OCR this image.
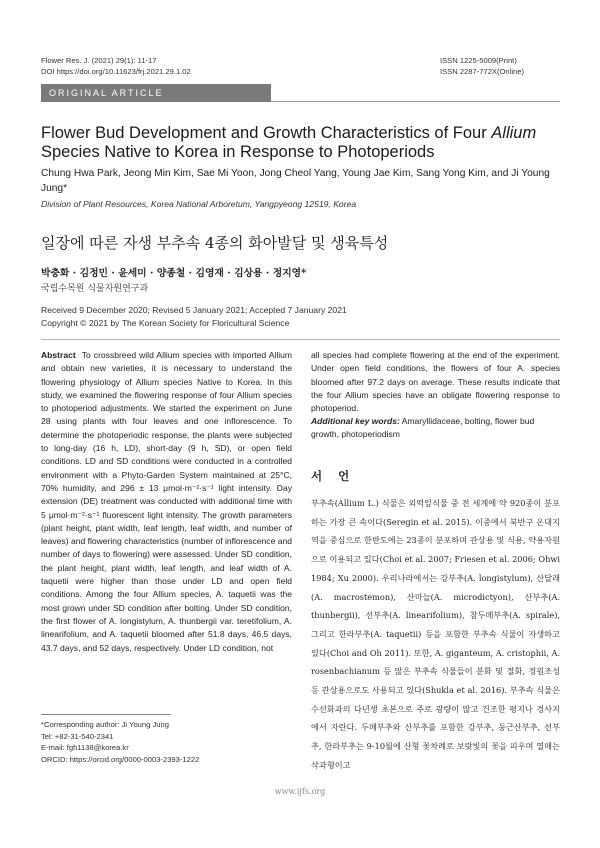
Flower Res. J. (2021) 29(1): 11-17
DOI https://doi.org/10.11623/frj.2021.29.1.02
ISSN 1225-5009(Print)
ISSN 2287-772X(Online)
ORIGINAL ARTICLE
Flower Bud Development and Growth Characteristics of Four Allium Species Native to Korea in Response to Photoperiods
Chung Hwa Park, Jeong Min Kim, Sae Mi Yoon, Jong Cheol Yang, Young Jae Kim, Sang Yong Kim, and Ji Young Jung*
Division of Plant Resources, Korea National Arboretum, Yangpyeong 12519, Korea
일장에 따른 자생 부추속 4종의 화아발달 및 생육특성
박충화 · 김정민 · 윤세미 · 양종철 · 김영재 · 김상용 · 정지영*
국립수목원 식물자원연구과
Received 9 December 2020; Revised 5 January 2021; Accepted 7 January 2021
Copyright © 2021 by The Korean Society for Floricultural Science
Abstract To crossbreed wild Allium species with imported Allium and obtain new varieties, it is necessary to understand the flowering physiology of Allium species Native to Korea. In this study, we examined the flowering response of four Allium species to photoperiod adjustments. We started the experiment on June 28 using plants with four leaves and one inflorescence. To determine the photoperiodic response, the plants were subjected to long-day (16 h, LD), short-day (9 h, SD), or open field conditions. LD and SD conditions were conducted in a controlled environment with a Phyto-Garden System maintained at 25°C, 70% humidity, and 296 ± 13 μmol·m⁻²·s⁻¹ light intensity. Day extension (DE) treatment was conducted with additional time with 5 μmol·m⁻²·s⁻¹ fluorescent light intensity. The growth parameters (plant height, plant width, leaf length, leaf width, and number of leaves) and flowering characteristics (number of inflorescence and number of days to flowering) were assessed. Under SD condition, the plant height, plant width, leaf length, and leaf width of A. taquetii were higher than those under LD and open field conditions. Among the four Allium species, A. taquetii was the most grown under SD condition after bolting. Under SD condition, the first flower of A. longistylum, A. thunbergii var. teretifolium, A. linearifolium, and A. taquetii bloomed after 51.8 days, 46.5 days, 43.7 days, and 52 days, respectively. Under LD condition, not
all species had complete flowering at the end of the experiment. Under open field conditions, the flowers of four A. species bloomed after 97.2 days on average. These results indicate that the four Allium species have an obligate flowering response to photoperiod.
Additional key words: Amaryllidaceae, bolting, flower bud growth, photoperiodism
서 언
부추속(Allium L.) 식물은 외떡잎식물 중 전 세계에 약 920종이 분포하는 가장 큰 속이다(Seregin et al. 2015). 이중에서 북반구 온대지역을 중심으로 한반도에는 23종이 분포하며 관상용 및 식용, 약용자원으로 이용되고 있다(Choi et al. 2007; Friesen et al. 2006; Ohwi 1984; Xu 2000). 우리나라에서는 강부추(A. longistylum), 산달래(A. macrostemon), 산마늘(A. microdictyon), 산부추(A. thunbergii), 선부추(A. linearifolium), 참두메부추(A. spirale), 그리고 한라부추(A. taquetii) 등을 포함한 부추속 식물이 자생하고 있다(Choi and Oh 2011). 또한, A. giganteum, A. cristophii, A. rosenbachianum 등 많은 부추속 식물들이 분화 및 절화, 정원조성 등 관상용으로도 사용되고 있다(Shukla et al. 2016). 부추속 식물은 수선화과의 다년생 초본으로 주로 광량이 많고 건조한 평지나 경사지에서 자란다. 두메부추와 산부추를 포함한 강부추, 둥근산부추, 선부추, 한라부추는 9-10월에 산형 꽃차례로 보랏빛의 꽃을 피우며 열매는 삭과형이고
*Corresponding author: Ji Young Jung
Tel: +82-31-540-2341
E-mail: fgh1138@korea.kr
ORCID: https://orcid.org/0000-0003-2393-1222
www.ijfs.org
